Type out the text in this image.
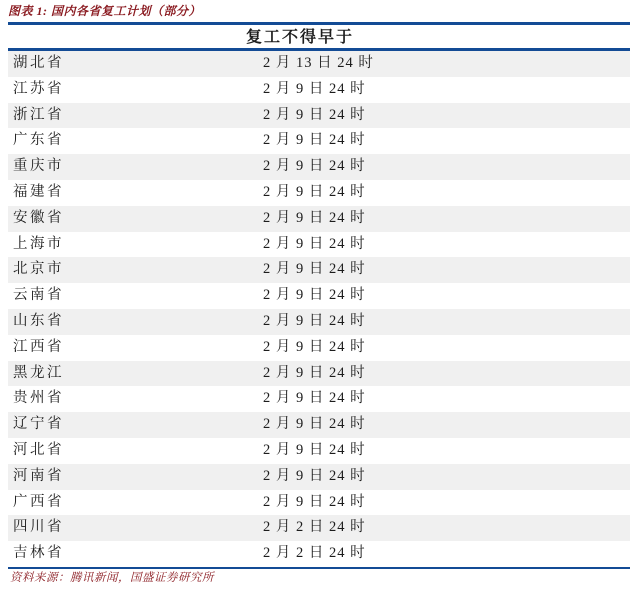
图表 1: 国内各省复工计划（部分）
复工不得早于
湖北省	2 月 13 日 24 时
江苏省	2 月 9 日 24 时
浙江省	2 月 9 日 24 时
广东省	2 月 9 日 24 时
重庆市	2 月 9 日 24 时
福建省	2 月 9 日 24 时
安徽省	2 月 9 日 24 时
上海市	2 月 9 日 24 时
北京市	2 月 9 日 24 时
云南省	2 月 9 日 24 时
山东省	2 月 9 日 24 时
江西省	2 月 9 日 24 时
黑龙江	2 月 9 日 24 时
贵州省	2 月 9 日 24 时
辽宁省	2 月 9 日 24 时
河北省	2 月 9 日 24 时
河南省	2 月 9 日 24 时
广西省	2 月 9 日 24 时
四川省	2 月 2 日 24 时
吉林省	2 月 2 日 24 时
资料来源：腾讯新闻，国盛证券研究所
